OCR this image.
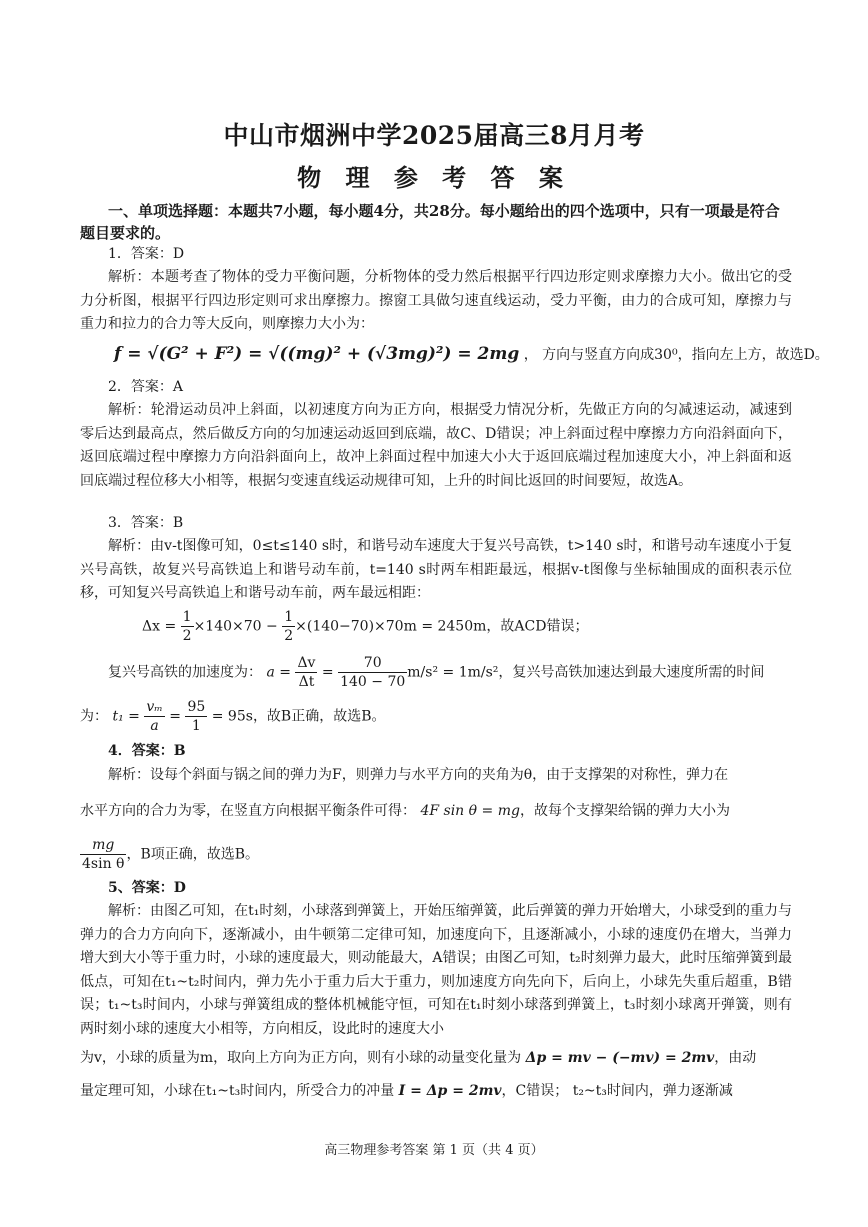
中山市烟洲中学2025届高三8月月考
物 理 参 考 答 案
一、单项选择题：本题共7小题，每小题4分，共28分。每小题给出的四个选项中，只有一项最是符合题目要求的。
1．答案：D
解析：本题考查了物体的受力平衡问题，分析物体的受力然后根据平行四边形定则求摩擦力大小。做出它的受力分析图，根据平行四边形定则可求出摩擦力。擦窗工具做匀速直线运动，受力平衡，由力的合成可知，摩擦力与重力和拉力的合力等大反向，则摩擦力大小为：
f = √(G² + F²) = √((mg)² + (√3mg)²) = 2mg ， 方向与竖直方向成30⁰，指向左上方，故选D。
2．答案：A
解析：轮滑运动员冲上斜面，以初速度方向为正方向，根据受力情况分析，先做正方向的匀减速运动，减速到零后达到最高点，然后做反方向的匀加速运动返回到底端，故C、D错误；冲上斜面过程中摩擦力方向沿斜面向下，返回底端过程中摩擦力方向沿斜面向上，故冲上斜面过程中加速大小大于返回底端过程加速度大小，冲上斜面和返回底端过程位移大小相等，根据匀变速直线运动规律可知，上升的时间比返回的时间要短，故选A。
3．答案：B
解析：由v-t图像可知，0≤t≤140 s时，和谐号动车速度大于复兴号高铁，t>140 s时，和谐号动车速度小于复兴号高铁，故复兴号高铁追上和谐号动车前，t=140 s时两车相距最远，根据v-t图像与坐标轴围成的面积表示位移，可知复兴号高铁追上和谐号动车前，两车最远相距：
$\Delta x = \frac{1}{2} \times 140\times 70 - \frac{1}{2} \times(140-70)\times 70m = 2450m$，故ACD错误；
复兴号高铁的加速度为： $a = \frac{\Delta v}{\Delta t} = \frac{70}{140 - 70} m/s^2 = 1m/s^2$，复兴号高铁加速达到最大速度所需的时间
为： $t_1 = \frac{\text{vₘ}}{a} = \frac{95}{1} = 95s$，故B正确，故选B。
4．答案：B
解析：设每个斜面与锅之间的弹力为F，则弹力与水平方向的夹角为θ，由于支撑架的对称性，弹力在
水平方向的合力为零，在竖直方向根据平衡条件可得： 4F sin θ = mg，故每个支撑架给锅的弹力大小为
$\frac{mg}{\text{4sin θ}}$ ，B项正确，故选B。
5、答案：D
解析：由图乙可知，在t₁时刻，小球落到弹簧上，开始压缩弹簧，此后弹簧的弹力开始增大，小球受到的重力与弹力的合力方向向下，逐渐减小，由牛顿第二定律可知，加速度向下，且逐渐减小，小球的速度仍在增大，当弹力增大到大小等于重力时，小球的速度最大，则动能最大，A错误；由图乙可知，t₂时刻弹力最大，此时压缩弹簧到最低点，可知在t₁~t₂时间内，弹力先小于重力后大于重力，则加速度方向先向下，后向上，小球先失重后超重，B错误；t₁~t₃时间内，小球与弹簧组成的整体机械能守恒，可知在t₁时刻小球落到弹簧上，t₃时刻小球离开弹簧，则有两时刻小球的速度大小相等，方向相反，设此时的速度大小
为v，小球的质量为m，取向上方向为正方向，则有小球的动量变化量为 Δp = mv − (−mv) = 2mv，由动
量定理可知，小球在t₁~t₃时间内，所受合力的冲量 I = Δp = 2mv，C错误； t₂~t₃时间内，弹力逐渐减
高三物理参考答案 第 1 页（共 4 页）
